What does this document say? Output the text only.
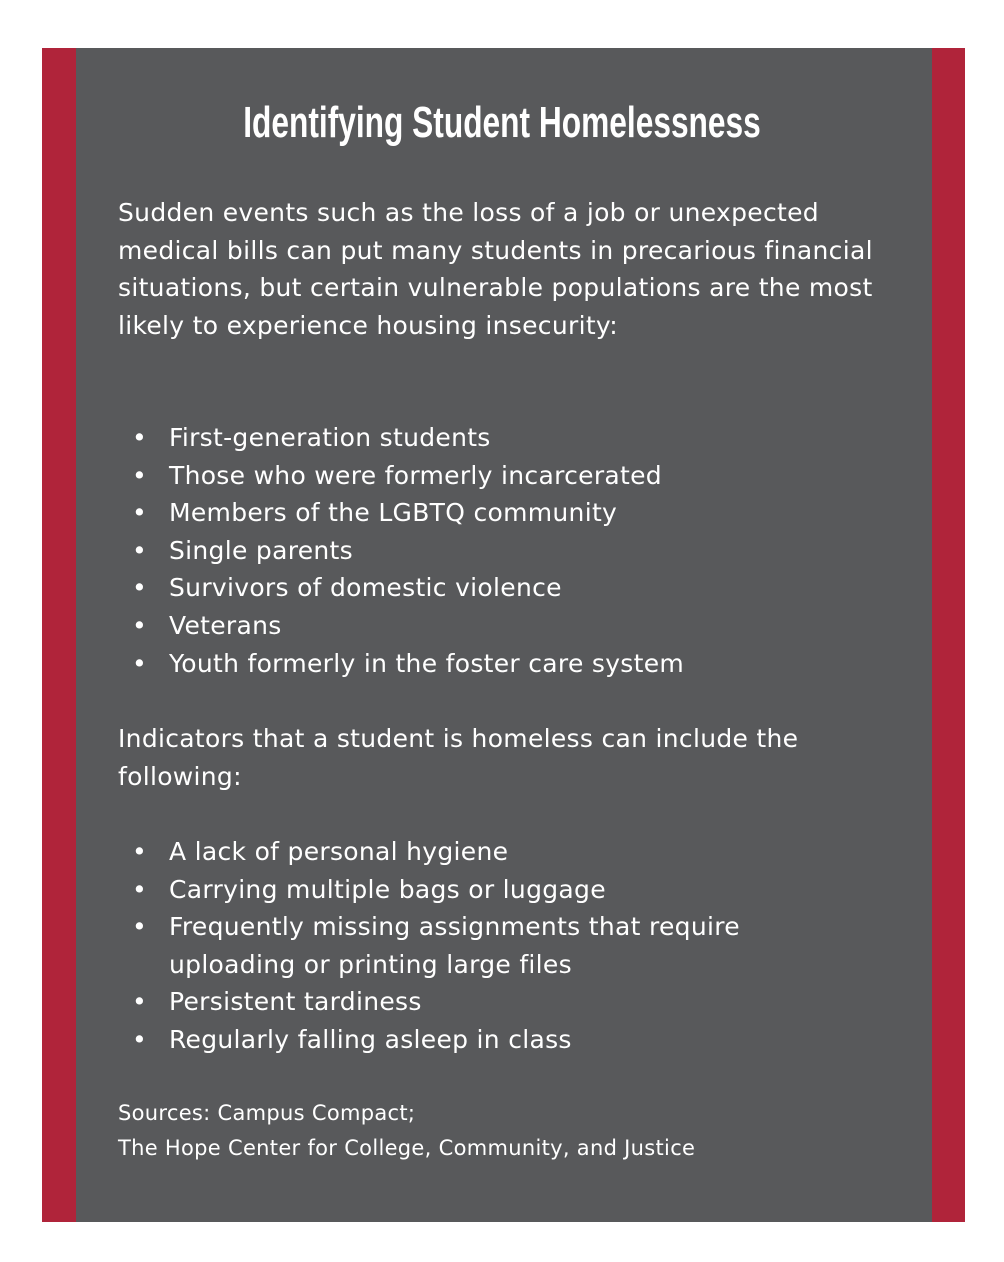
Identifying Student Homelessness
Sudden events such as the loss of a job or unexpected medical bills can put many students in precarious financial situations, but certain vulnerable populations are the most likely to experience housing insecurity:
• First-generation students
• Those who were formerly incarcerated
• Members of the LGBTQ community
• Single parents
• Survivors of domestic violence
• Veterans
• Youth formerly in the foster care system
Indicators that a student is homeless can include the following:
• A lack of personal hygiene
• Carrying multiple bags or luggage
• Frequently missing assignments that require uploading or printing large files
• Persistent tardiness
• Regularly falling asleep in class
Sources: Campus Compact;
The Hope Center for College, Community, and Justice
